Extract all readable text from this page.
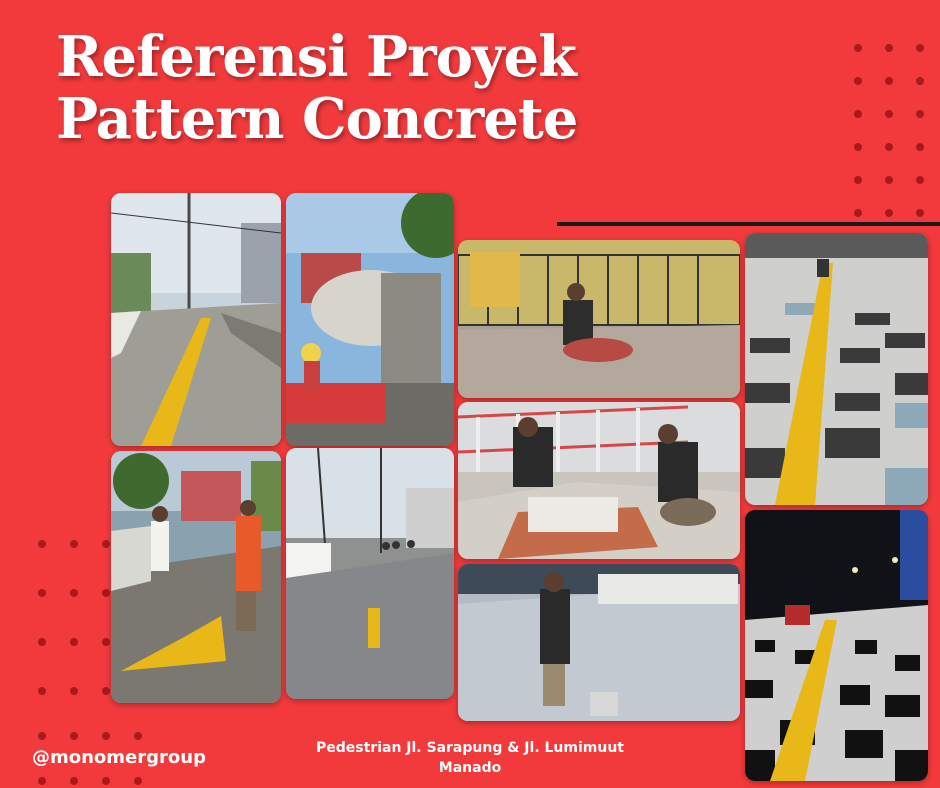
Referensi Proyek
Pattern Concrete
@monomergroup	Pedestrian Jl. Sarapung & Jl. Lumimuut
Manado
